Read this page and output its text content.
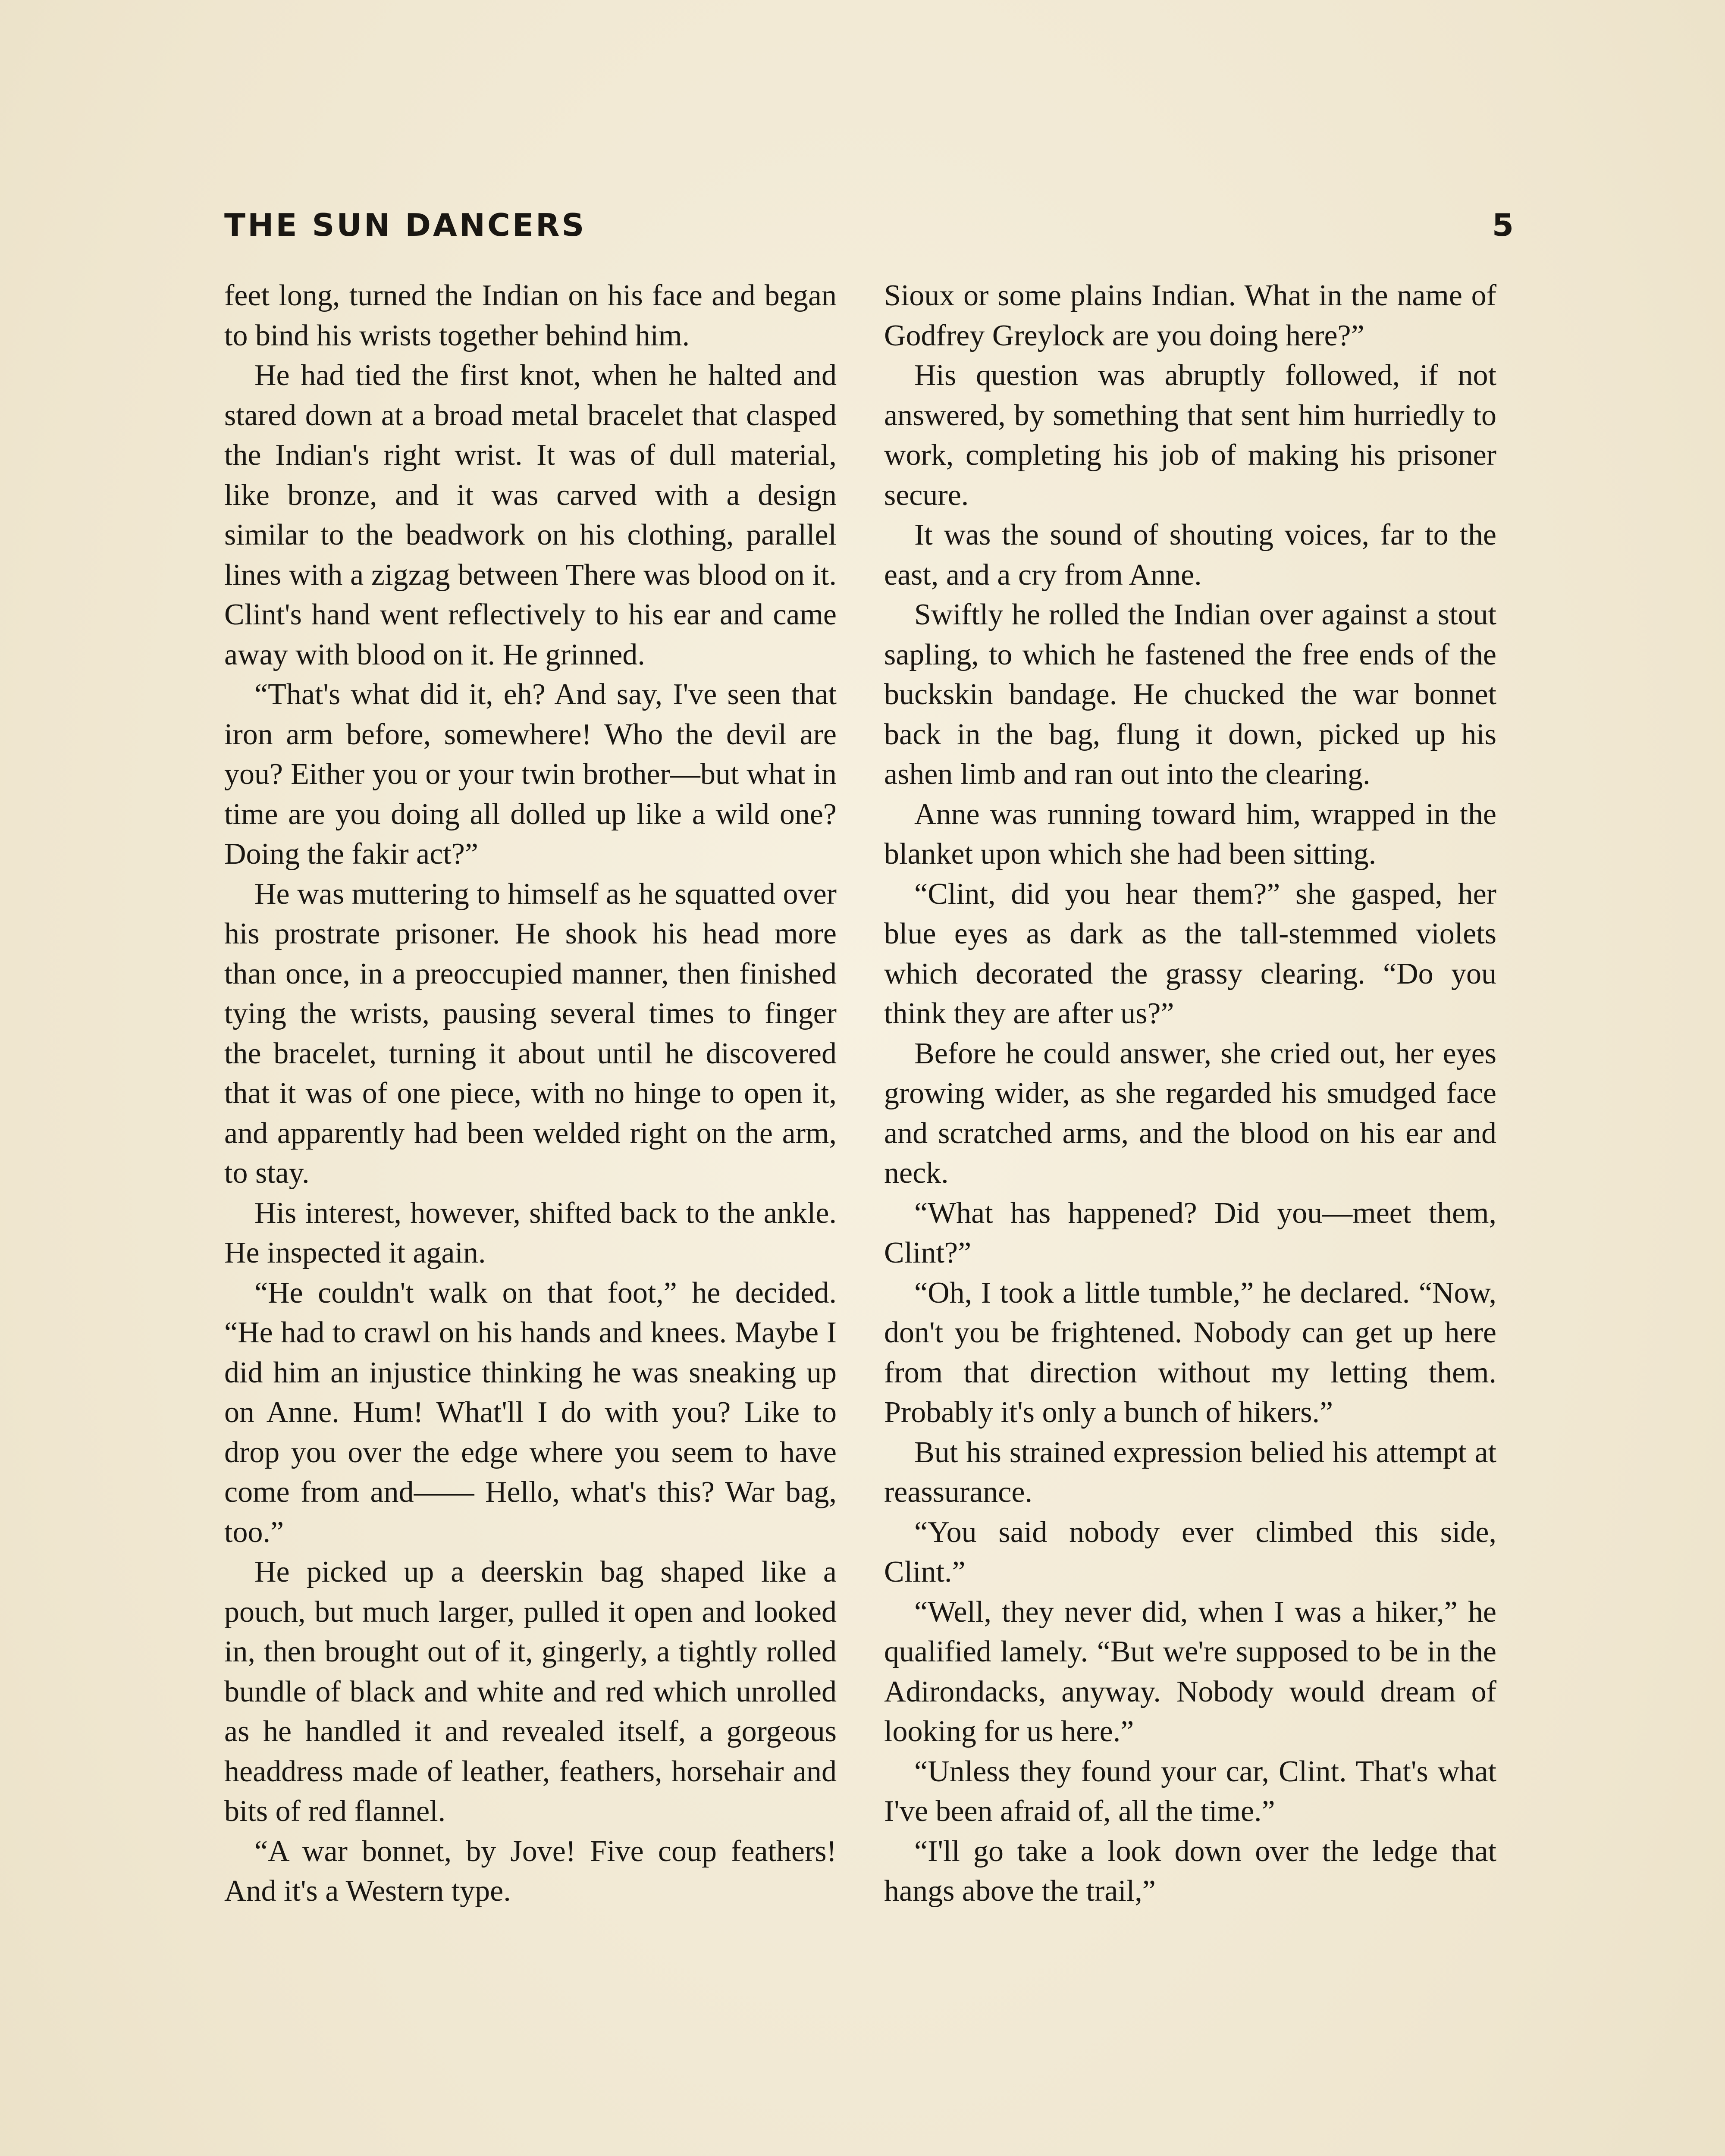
THE SUN DANCERS	5

feet long, turned the Indian on his face and began to bind his wrists together behind him.

He had tied the first knot, when he halted and stared down at a broad metal bracelet that clasped the Indian's right wrist. It was of dull material, like bronze, and it was carved with a design similar to the beadwork on his clothing, parallel lines with a zigzag between There was blood on it. Clint's hand went reflectively to his ear and came away with blood on it. He grinned.

“That's what did it, eh? And say, I've seen that iron arm before, somewhere! Who the devil are you? Either you or your twin brother—but what in time are you doing all dolled up like a wild one? Doing the fakir act?”

He was muttering to himself as he squatted over his prostrate prisoner. He shook his head more than once, in a preoccupied manner, then finished tying the wrists, pausing several times to finger the bracelet, turning it about until he discovered that it was of one piece, with no hinge to open it, and apparently had been welded right on the arm, to stay.

His interest, however, shifted back to the ankle. He inspected it again.

“He couldn't walk on that foot,” he decided. “He had to crawl on his hands and knees. Maybe I did him an injustice thinking he was sneaking up on Anne. Hum! What'll I do with you? Like to drop you over the edge where you seem to have come from and—— Hello, what's this? War bag, too.”

He picked up a deerskin bag shaped like a pouch, but much larger, pulled it open and looked in, then brought out of it, gingerly, a tightly rolled bundle of black and white and red which unrolled as he handled it and revealed itself, a gorgeous headdress made of leather, feathers, horsehair and bits of red flannel.

“A war bonnet, by Jove! Five coup feathers! And it's a Western type.

Sioux or some plains Indian. What in the name of Godfrey Greylock are you doing here?”

His question was abruptly followed, if not answered, by something that sent him hurriedly to work, completing his job of making his prisoner secure.

It was the sound of shouting voices, far to the east, and a cry from Anne.

Swiftly he rolled the Indian over against a stout sapling, to which he fastened the free ends of the buckskin bandage. He chucked the war bonnet back in the bag, flung it down, picked up his ashen limb and ran out into the clearing.

Anne was running toward him, wrapped in the blanket upon which she had been sitting.

“Clint, did you hear them?” she gasped, her blue eyes as dark as the tall-stemmed violets which decorated the grassy clearing. “Do you think they are after us?”

Before he could answer, she cried out, her eyes growing wider, as she regarded his smudged face and scratched arms, and the blood on his ear and neck.

“What has happened? Did you—meet them, Clint?”

“Oh, I took a little tumble,” he declared. “Now, don't you be frightened. Nobody can get up here from that direction without my letting them. Probably it's only a bunch of hikers.”

But his strained expression belied his attempt at reassurance.

“You said nobody ever climbed this side, Clint.”

“Well, they never did, when I was a hiker,” he qualified lamely. “But we're supposed to be in the Adirondacks, anyway. Nobody would dream of looking for us here.”

“Unless they found your car, Clint. That's what I've been afraid of, all the time.”

“I'll go take a look down over the ledge that hangs above the trail,”
